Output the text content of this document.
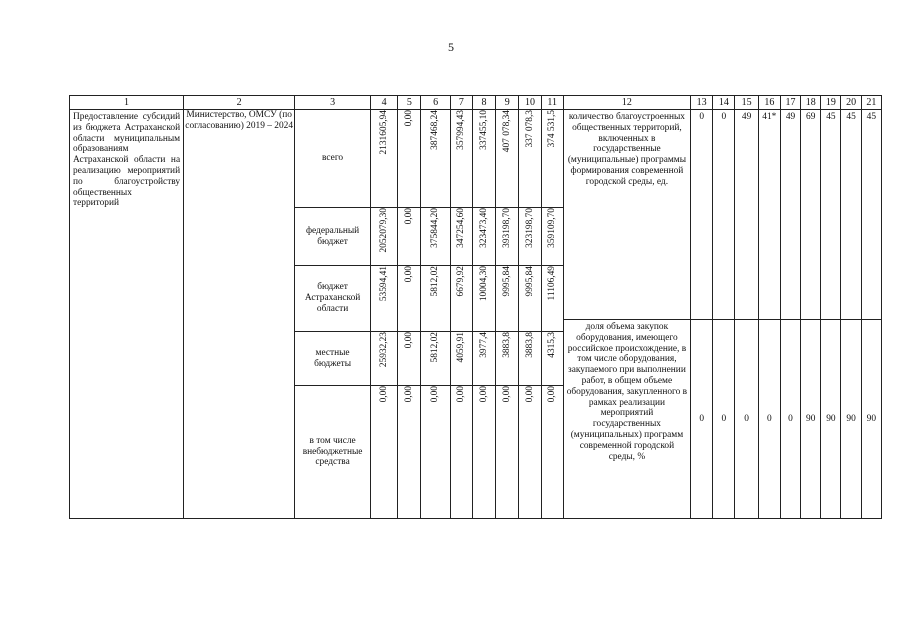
5
1	2	3	4	5	6	7	8	9	10	11	12	13	14	15	16	17	18	19	20	21
Предоставление субсидий из бюджета Астраханской области муниципальным образованиям Астраханской области на реализацию мероприятий по благоустройству общественных территорий	Министерство, ОМСУ (по согласованию) 2019 – 2024	всего	2131605,94	0,00	387468,24	357994,43	337455,10	407 078,34	337 078,3	374 531,5	количество благоустроенных общественных территорий, включенных в государственные (муниципальные) программы формирования современной городской среды, ед.	0	0	49	41*	49	69	45	45	45
		федеральный бюджет	2052079,30	0,00	375844,20	347254,60	323473,40	393198,70	323198,70	359109,70										

		бюджет Астраханской области	53594,41	0,00	5812,02	6679,92	10004,30	9995,84	9995,84	11106,49										

											доля объема закупок оборудования, имеющего российское происхождение, в том числе оборудования, закупаемого при выполнении работ, в общем объеме оборудования, закупленного в рамках реализации мероприятий государственных (муниципальных) программ современной городской среды, %	0	0	0	0	0	90	90	90	90
		местные бюджеты	25932,23	0,00	5812,02	4059,91	3977,4	3883,8	3883,8	4315,3										

		в том числе внебюджетные средства	0,00	0,00	0,00	0,00	0,00	0,00	0,00	0,00										
